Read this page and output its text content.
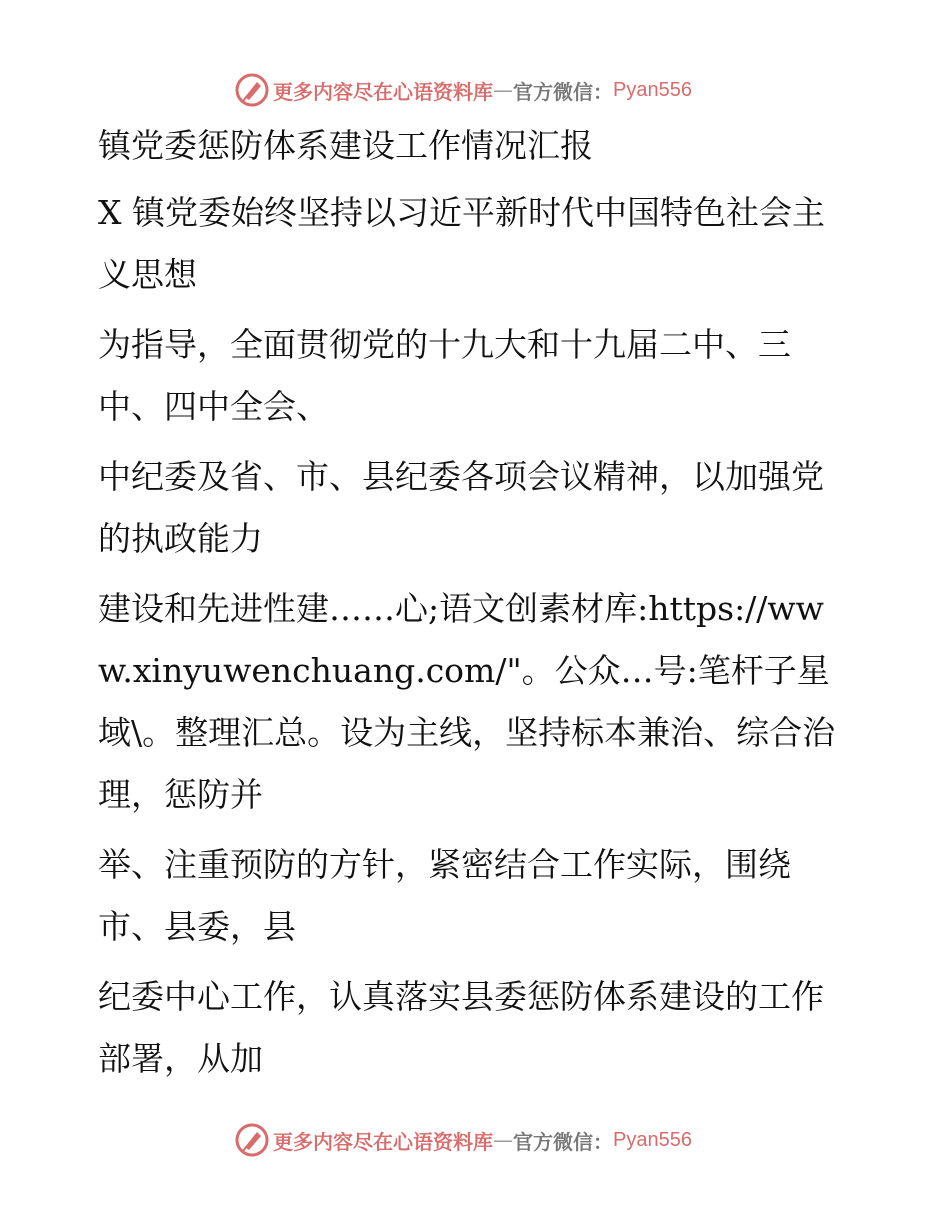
更多内容尽在心语资料库 — 官方微信： Pyan556

镇党委惩防体系建设工作情况汇报

X 镇党委始终坚持以习近平新时代中国特色社会主义思想

为指导，全面贯彻党的十九大和十九届二中、三中、四中全会、

中纪委及省、市、县纪委各项会议精神，以加强党的执政能力

建设和先进性建……心;语文创素材库:https://www.xinyuwenchuang.com/"。公众…号:笔杆子星域\。整理汇总。设为主线，坚持标本兼治、综合治理，惩防并

举、注重预防的方针，紧密结合工作实际，围绕市、县委，县

纪委中心工作，认真落实县委惩防体系建设的工作部署，从加

更多内容尽在心语资料库 — 官方微信： Pyan556
